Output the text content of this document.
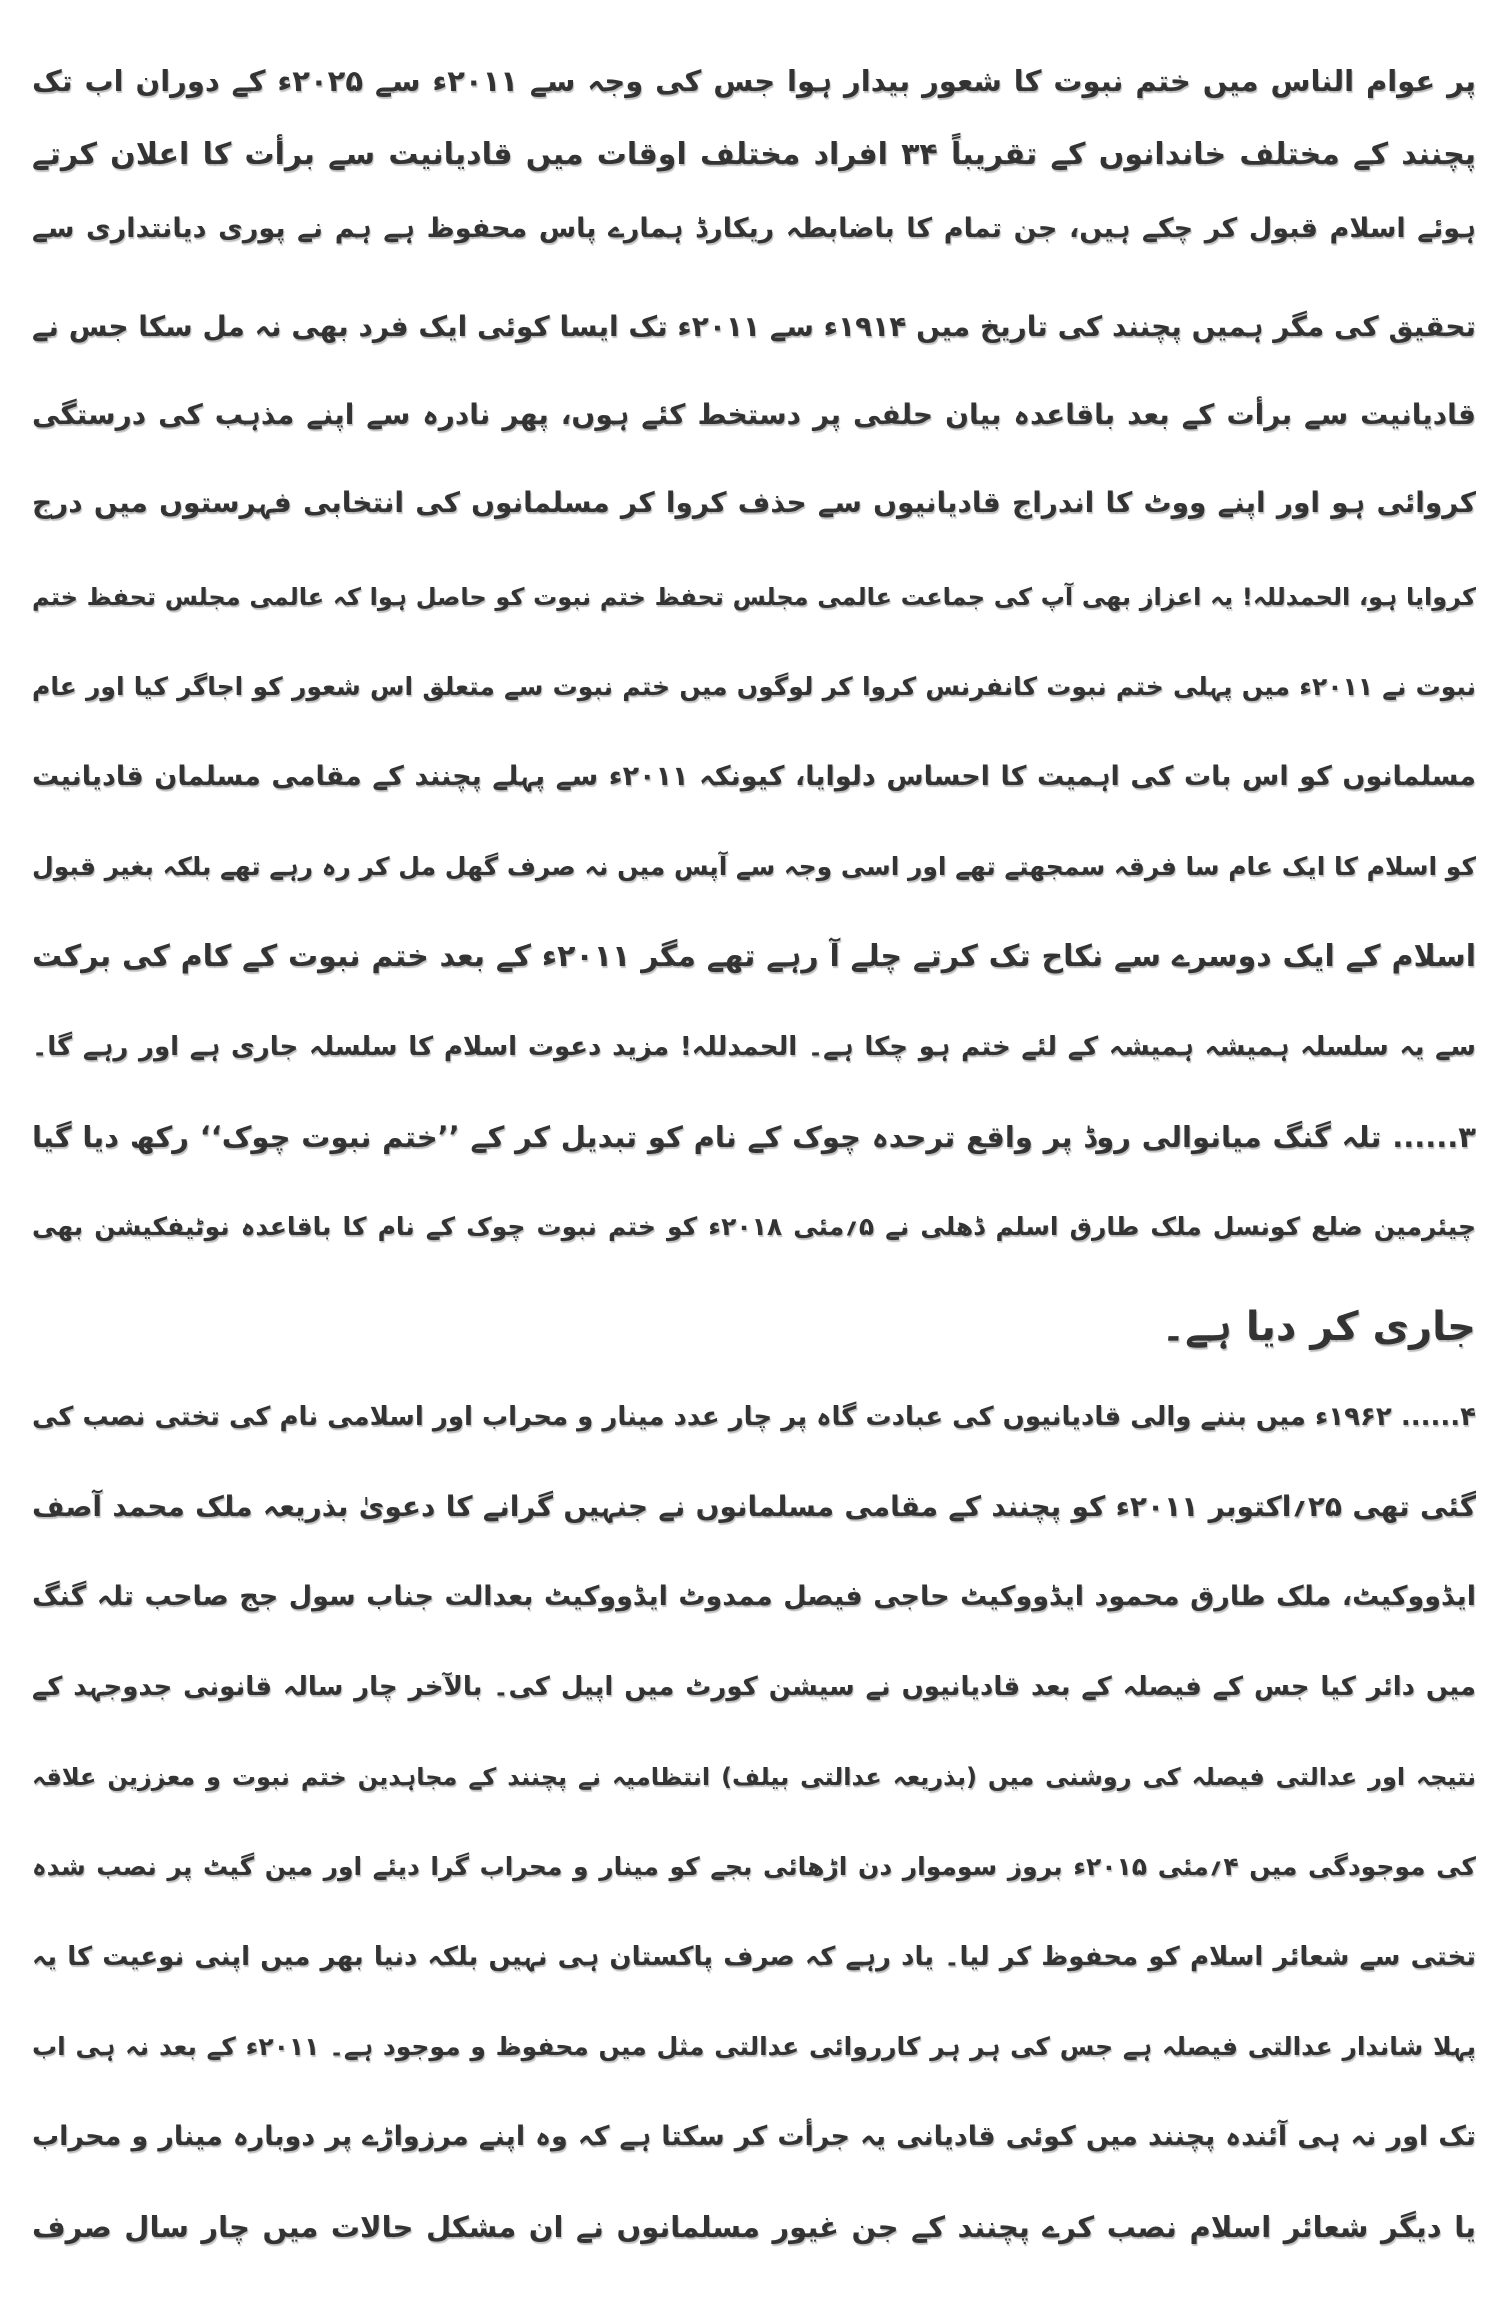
پر عوام الناس میں ختم نبوت کا شعور بیدار ہوا جس کی وجہ سے ۲۰۱۱ء سے ۲۰۲۵ء کے دوران اب تک
پچنند کے مختلف خاندانوں کے تقریباً ۳۴ افراد مختلف اوقات میں قادیانیت سے برأت کا اعلان کرتے
ہوئے اسلام قبول کر چکے ہیں، جن تمام کا باضابطہ ریکارڈ ہمارے پاس محفوظ ہے ہم نے پوری دیانتداری سے
تحقیق کی مگر ہمیں پچنند کی تاریخ میں ۱۹۱۴ء سے ۲۰۱۱ء تک ایسا کوئی ایک فرد بھی نہ مل سکا جس نے
قادیانیت سے برأت کے بعد باقاعدہ بیان حلفی پر دستخط کئے ہوں، پھر نادرہ سے اپنے مذہب کی درستگی
کروائی ہو اور اپنے ووٹ کا اندراج قادیانیوں سے حذف کروا کر مسلمانوں کی انتخابی فہرستوں میں درج
کروایا ہو، الحمدللہ! یہ اعزاز بھی آپ کی جماعت عالمی مجلس تحفظ ختم نبوت کو حاصل ہوا کہ عالمی مجلس تحفظ ختم
نبوت نے ۲۰۱۱ء میں پہلی ختم نبوت کانفرنس کروا کر لوگوں میں ختم نبوت سے متعلق اس شعور کو اجاگر کیا اور عام
مسلمانوں کو اس بات کی اہمیت کا احساس دلوایا، کیونکہ ۲۰۱۱ء سے پہلے پچنند کے مقامی مسلمان قادیانیت
کو اسلام کا ایک عام سا فرقہ سمجھتے تھے اور اسی وجہ سے آپس میں نہ صرف گھل مل کر رہ رہے تھے بلکہ بغیر قبول
اسلام کے ایک دوسرے سے نکاح تک کرتے چلے آ رہے تھے مگر ۲۰۱۱ء کے بعد ختم نبوت کے کام کی برکت
سے یہ سلسلہ ہمیشہ ہمیشہ کے لئے ختم ہو چکا ہے۔ الحمدللہ! مزید دعوت اسلام کا سلسلہ جاری ہے اور رہے گا۔
۳...... تلہ گنگ میانوالی روڈ پر واقع ترحدہ چوک کے نام کو تبدیل کر کے ’’ختم نبوت چوک‘‘ رکھ دیا گیا
چیئرمین ضلع کونسل ملک طارق اسلم ڈھلی نے ۵؍مئی ۲۰۱۸ء کو ختم نبوت چوک کے نام کا باقاعدہ نوٹیفکیشن بھی
جاری کر دیا ہے۔
۴...... ۱۹۶۲ء میں بننے والی قادیانیوں کی عبادت گاہ پر چار عدد مینار و محراب اور اسلامی نام کی تختی نصب کی
گئی تھی ۲۵؍اکتوبر ۲۰۱۱ء کو پچنند کے مقامی مسلمانوں نے جنہیں گرانے کا دعویٰ بذریعہ ملک محمد آصف
ایڈووکیٹ، ملک طارق محمود ایڈووکیٹ حاجی فیصل ممدوٹ ایڈووکیٹ بعدالت جناب سول جج صاحب تلہ گنگ
میں دائر کیا جس کے فیصلہ کے بعد قادیانیوں نے سیشن کورٹ میں اپیل کی۔ بالآخر چار سالہ قانونی جدوجہد کے
نتیجہ اور عدالتی فیصلہ کی روشنی میں (بذریعہ عدالتی بیلف) انتظامیہ نے پچنند کے مجاہدین ختم نبوت و معززین علاقہ
کی موجودگی میں ۴؍مئی ۲۰۱۵ء بروز سوموار دن اڑھائی بجے کو مینار و محراب گرا دیئے اور مین گیٹ پر نصب شدہ
تختی سے شعائر اسلام کو محفوظ کر لیا۔ یاد رہے کہ صرف پاکستان ہی نہیں بلکہ دنیا بھر میں اپنی نوعیت کا یہ
پہلا شاندار عدالتی فیصلہ ہے جس کی ہر ہر کارروائی عدالتی مثل میں محفوظ و موجود ہے۔ ۲۰۱۱ء کے بعد نہ ہی اب
تک اور نہ ہی آئندہ پچنند میں کوئی قادیانی یہ جرأت کر سکتا ہے کہ وہ اپنے مرزواڑے پر دوبارہ مینار و محراب
یا دیگر شعائر اسلام نصب کرے پچنند کے جن غیور مسلمانوں نے ان مشکل حالات میں چار سال صرف
